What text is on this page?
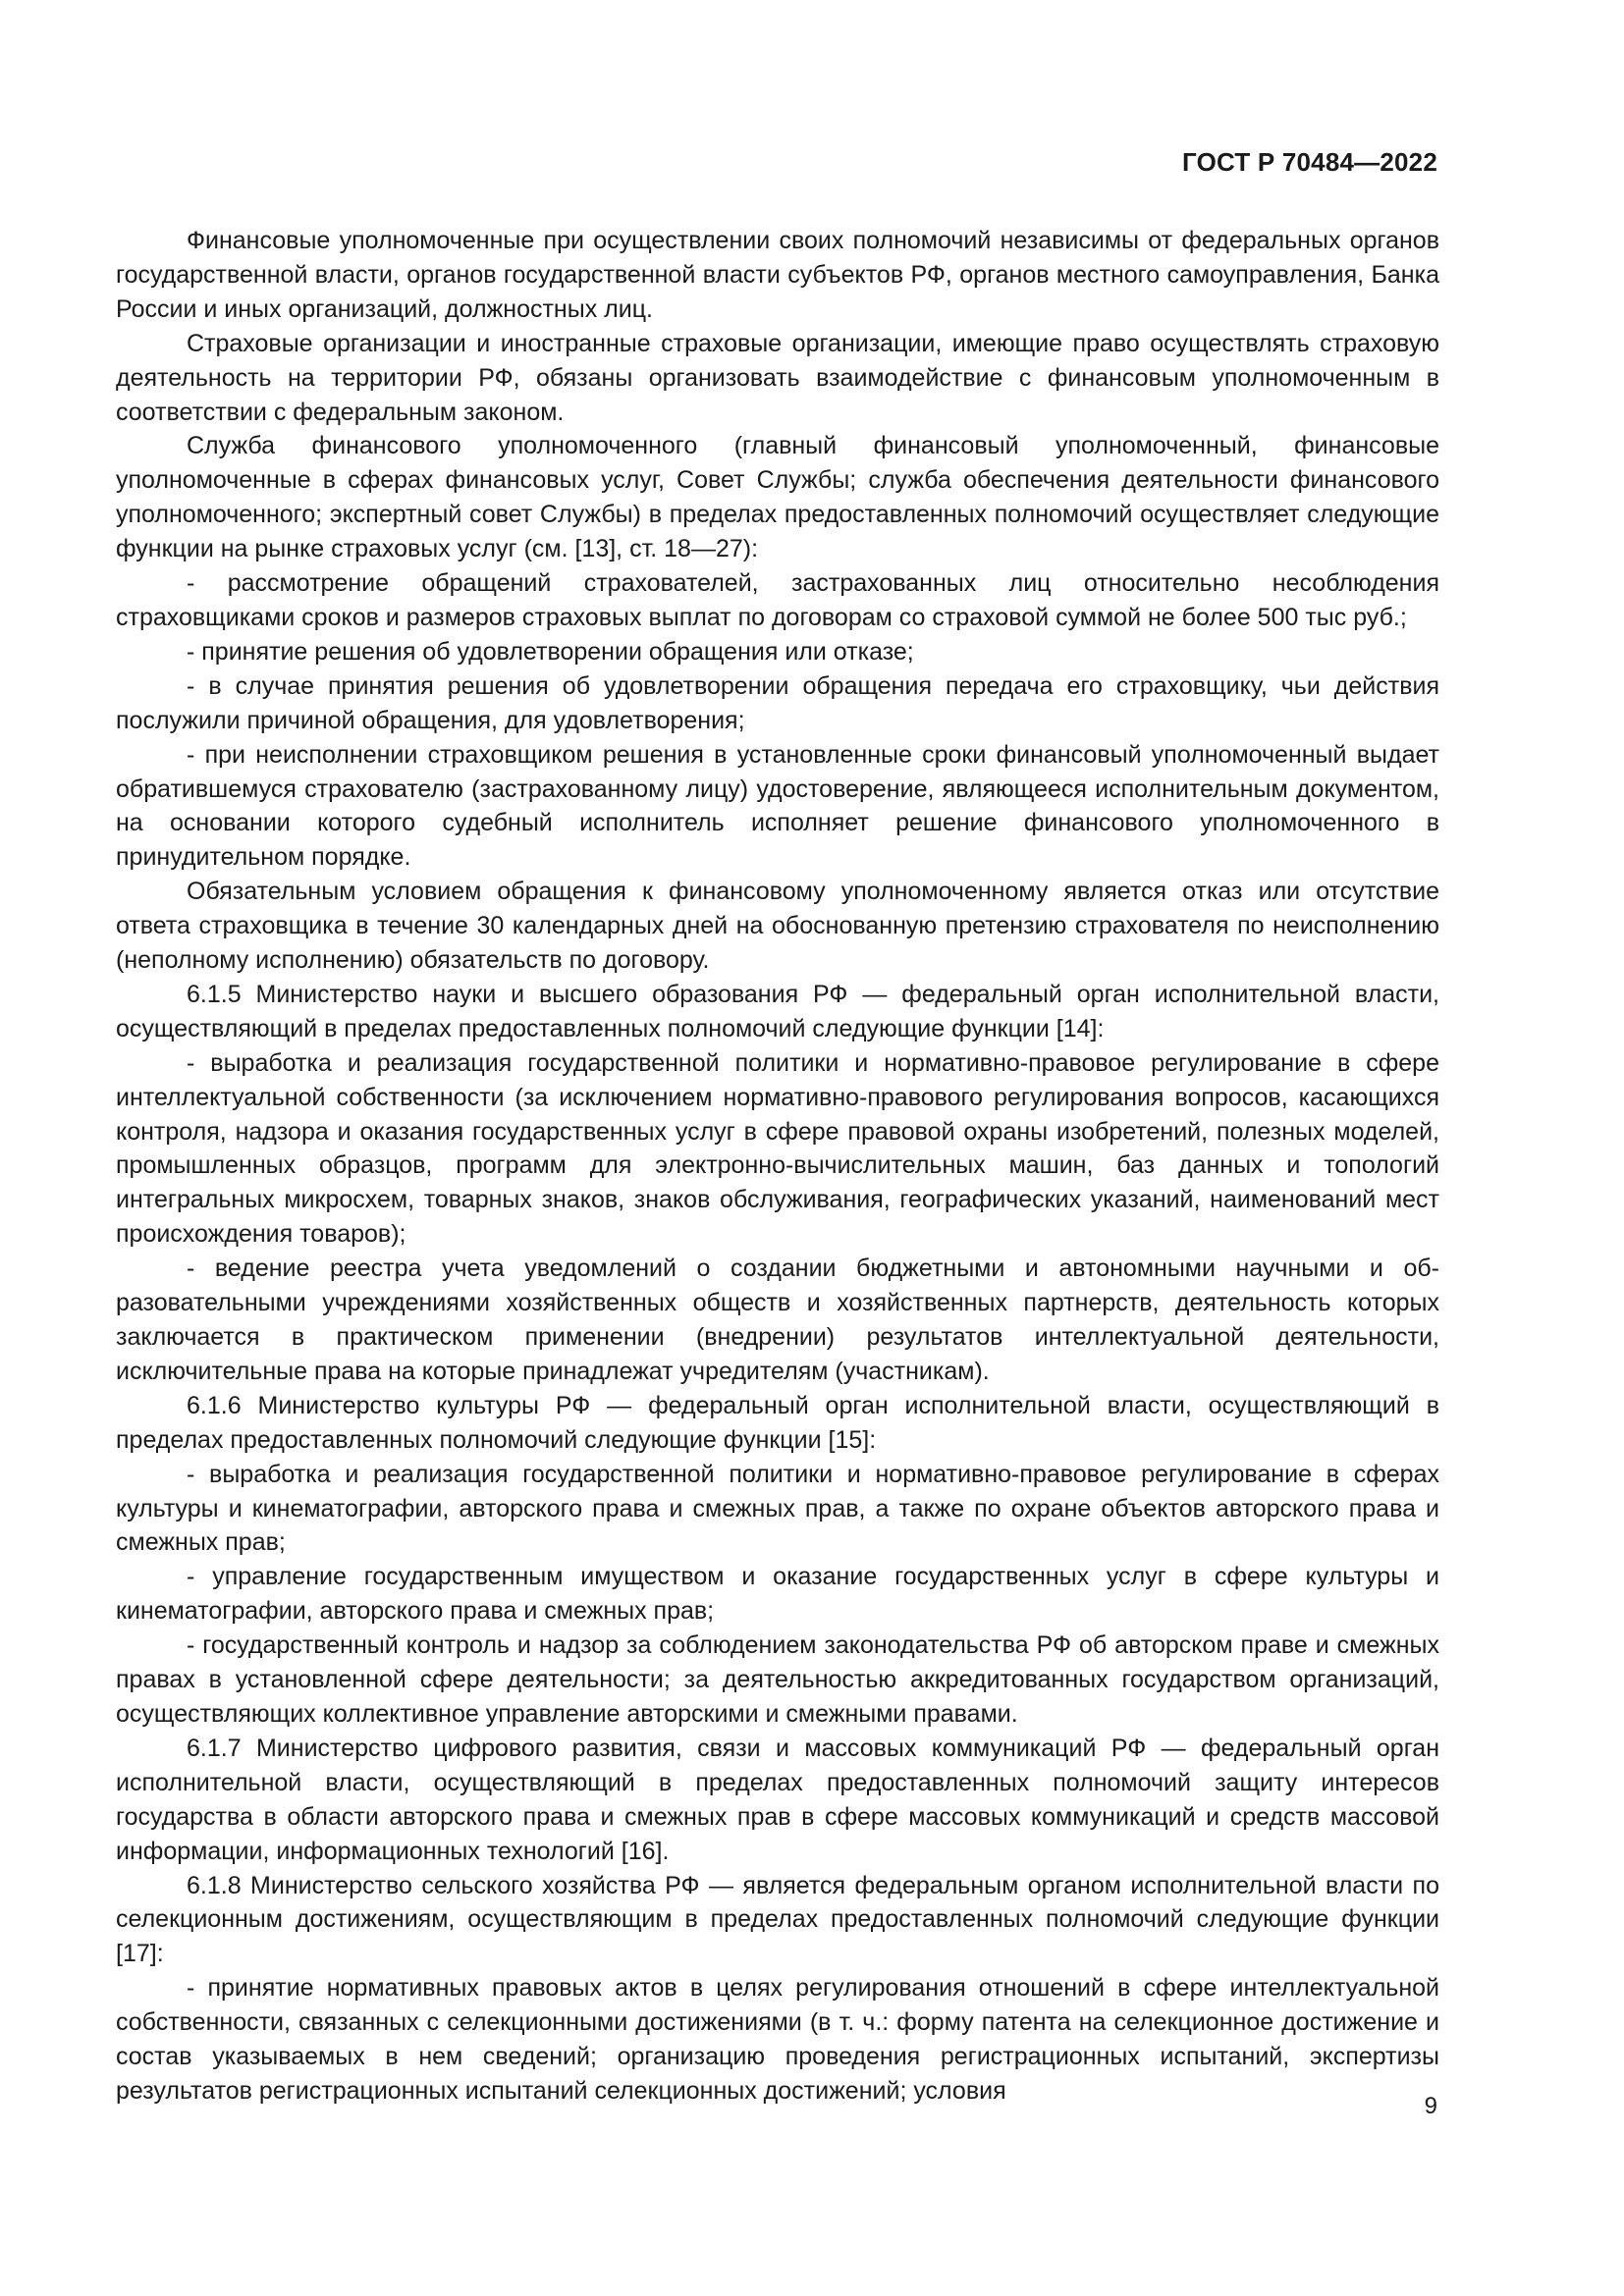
ГОСТ Р 70484—2022

Финансовые уполномоченные при осуществлении своих полномочий независимы от федеральных органов государственной власти, органов государственной власти субъектов РФ, органов местного самоуправления, Банка России и иных организаций, должностных лиц.

Страховые организации и иностранные страховые организации, имеющие право осуществлять страховую деятельность на территории РФ, обязаны организовать взаимодействие с финансовым уполномоченным в соответствии с федеральным законом.

Служба финансового уполномоченного (главный финансовый уполномоченный, финансовые уполномоченные в сферах финансовых услуг, Совет Службы; служба обеспечения деятельности финансового уполномоченного; экспертный совет Службы) в пределах предоставленных полномочий осуществляет следующие функции на рынке страховых услуг (см. [13], ст. 18—27):

- рассмотрение обращений страхователей, застрахованных лиц относительно несоблюдения страховщиками сроков и размеров страховых выплат по договорам со страховой суммой не более 500 тыс руб.;

- принятие решения об удовлетворении обращения или отказе;

- в случае принятия решения об удовлетворении обращения передача его страховщику, чьи действия послужили причиной обращения, для удовлетворения;

- при неисполнении страховщиком решения в установленные сроки финансовый уполномоченный выдает обратившемуся страхователю (застрахованному лицу) удостоверение, являющееся исполнительным документом, на основании которого судебный исполнитель исполняет решение финансового уполномоченного в принудительном порядке.

Обязательным условием обращения к финансовому уполномоченному является отказ или отсутствие ответа страховщика в течение 30 календарных дней на обоснованную претензию страхователя по неисполнению (неполному исполнению) обязательств по договору.

6.1.5 Министерство науки и высшего образования РФ — федеральный орган исполнительной власти, осуществляющий в пределах предоставленных полномочий следующие функции [14]:

- выработка и реализация государственной политики и нормативно-правовое регулирование в сфере интеллектуальной собственности (за исключением нормативно-правового регулирования вопросов, касающихся контроля, надзора и оказания государственных услуг в сфере правовой охраны изобретений, полезных моделей, промышленных образцов, программ для электронно-вычислительных машин, баз данных и топологий интегральных микросхем, товарных знаков, знаков обслуживания, географических указаний, наименований мест происхождения товаров);

- ведение реестра учета уведомлений о создании бюджетными и автономными научными и образовательными учреждениями хозяйственных обществ и хозяйственных партнерств, деятельность которых заключается в практическом применении (внедрении) результатов интеллектуальной деятельности, исключительные права на которые принадлежат учредителям (участникам).

6.1.6 Министерство культуры РФ — федеральный орган исполнительной власти, осуществляющий в пределах предоставленных полномочий следующие функции [15]:

- выработка и реализация государственной политики и нормативно-правовое регулирование в сферах культуры и кинематографии, авторского права и смежных прав, а также по охране объектов авторского права и смежных прав;

- управление государственным имуществом и оказание государственных услуг в сфере культуры и кинематографии, авторского права и смежных прав;

- государственный контроль и надзор за соблюдением законодательства РФ об авторском праве и смежных правах в установленной сфере деятельности; за деятельностью аккредитованных государством организаций, осуществляющих коллективное управление авторскими и смежными правами.

6.1.7 Министерство цифрового развития, связи и массовых коммуникаций РФ — федеральный орган исполнительной власти, осуществляющий в пределах предоставленных полномочий защиту интересов государства в области авторского права и смежных прав в сфере массовых коммуникаций и средств массовой информации, информационных технологий [16].

6.1.8 Министерство сельского хозяйства РФ — является федеральным органом исполнительной власти по селекционным достижениям, осуществляющим в пределах предоставленных полномочий следующие функции [17]:

- принятие нормативных правовых актов в целях регулирования отношений в сфере интеллектуальной собственности, связанных с селекционными достижениями (в т. ч.: форму патента на селекционное достижение и состав указываемых в нем сведений; организацию проведения регистрационных испытаний, экспертизы результатов регистрационных испытаний селекционных достижений; условия

9
